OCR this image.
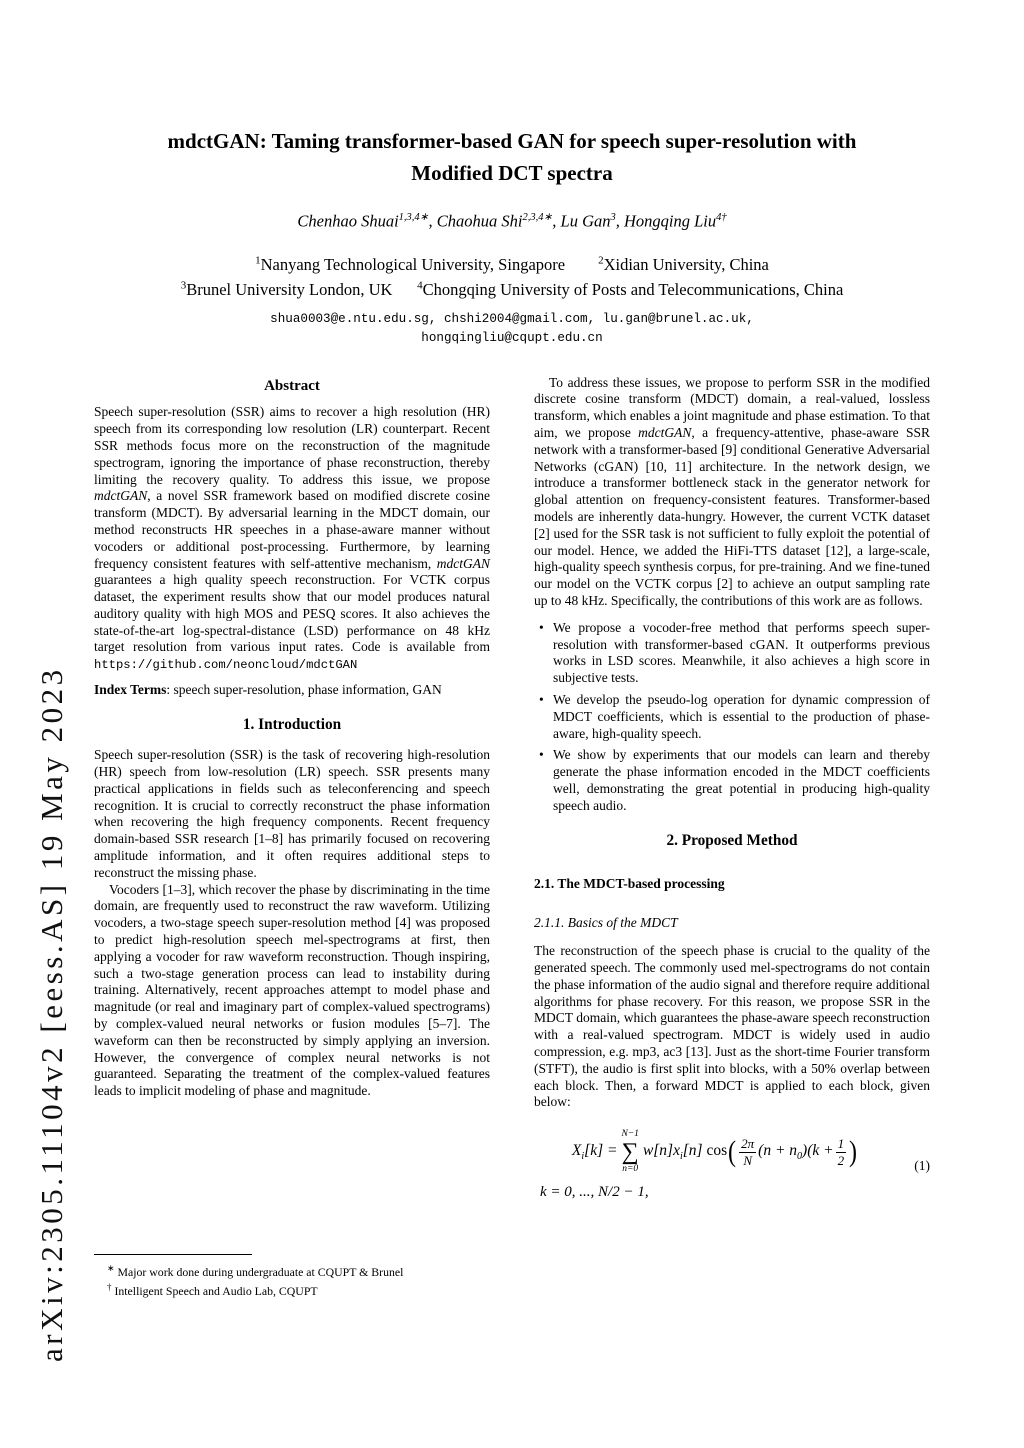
arXiv:2305.11104v2 [eess.AS] 19 May 2023
mdctGAN: Taming transformer-based GAN for speech super-resolution with
Modified DCT spectra
Chenhao Shuai$^{1,3,4∗}$, Chaohua Shi$^{2,3,4∗}$, Lu Gan$^3$, Hongqing Liu$^{4\dagger}$
$^1$Nanyang Technological University, Singapore  $^2$Xidian University, China
$^3$Brunel University London, UK  $^4$Chongqing University of Posts and Telecommunications, China
shua0003@e.ntu.edu.sg, chshi2004@gmail.com, lu.gan@brunel.ac.uk,
hongqingliu@cqupt.edu.cn
Abstract

Speech super-resolution (SSR) aims to recover a high resolution (HR) speech from its corresponding low resolution (LR) counterpart. Recent SSR methods focus more on the reconstruction of the magnitude spectrogram, ignoring the importance of phase reconstruction, thereby limiting the recovery quality. To address this issue, we propose mdctGAN, a novel SSR framework based on modified discrete cosine transform (MDCT). By adversarial learning in the MDCT domain, our method reconstructs HR speeches in a phase-aware manner without vocoders or additional post-processing. Furthermore, by learning frequency consistent features with self-attentive mechanism, mdctGAN guarantees a high quality speech reconstruction. For VCTK corpus dataset, the experiment results show that our model produces natural auditory quality with high MOS and PESQ scores. It also achieves the state-of-the-art log-spectral-distance (LSD) performance on 48 kHz target resolution from various input rates. Code is available from https://github.com/neoncloud/mdctGAN

Index Terms: speech super-resolution, phase information, GAN

1. Introduction

Speech super-resolution (SSR) is the task of recovering high-resolution (HR) speech from low-resolution (LR) speech. SSR presents many practical applications in fields such as teleconferencing and speech recognition. It is crucial to correctly reconstruct the phase information when recovering the high frequency components. Recent frequency domain-based SSR research [1–8] has primarily focused on recovering amplitude information, and it often requires additional steps to reconstruct the missing phase.

Vocoders [1–3], which recover the phase by discriminating in the time domain, are frequently used to reconstruct the raw waveform. Utilizing vocoders, a two-stage speech super-resolution method [4] was proposed to predict high-resolution speech mel-spectrograms at first, then applying a vocoder for raw waveform reconstruction. Though inspiring, such a two-stage generation process can lead to instability during training. Alternatively, recent approaches attempt to model phase and magnitude (or real and imaginary part of complex-valued spectrograms) by complex-valued neural networks or fusion modules [5–7]. The waveform can then be reconstructed by simply applying an inversion. However, the convergence of complex neural networks is not guaranteed. Separating the treatment of the complex-valued features leads to implicit modeling of phase and magnitude.

∗ Major work done during undergraduate at CQUPT & Brunel
† Intelligent Speech and Audio Lab, CQUPT

To address these issues, we propose to perform SSR in the modified discrete cosine transform (MDCT) domain, a real-valued, lossless transform, which enables a joint magnitude and phase estimation. To that aim, we propose mdctGAN, a frequency-attentive, phase-aware SSR network with a transformer-based [9] conditional Generative Adversarial Networks (cGAN) [10, 11] architecture. In the network design, we introduce a transformer bottleneck stack in the generator network for global attention on frequency-consistent features. Transformer-based models are inherently data-hungry. However, the current VCTK dataset [2] used for the SSR task is not sufficient to fully exploit the potential of our model. Hence, we added the HiFi-TTS dataset [12], a large-scale, high-quality speech synthesis corpus, for pre-training. And we fine-tuned our model on the VCTK corpus [2] to achieve an output sampling rate up to 48 kHz. Specifically, the contributions of this work are as follows.

• We propose a vocoder-free method that performs speech super-resolution with transformer-based cGAN. It outperforms previous works in LSD scores. Meanwhile, it also achieves a high score in subjective tests.
• We develop the pseudo-log operation for dynamic compression of MDCT coefficients, which is essential to the production of phase-aware, high-quality speech.
• We show by experiments that our models can learn and thereby generate the phase information encoded in the MDCT coefficients well, demonstrating the great potential in producing high-quality speech audio.
2. Proposed Method
2.1. The MDCT-based processing
2.1.1. Basics of the MDCT

The reconstruction of the speech phase is crucial to the quality of the generated speech. The commonly used mel-spectrograms do not contain the phase information of the audio signal and therefore require additional algorithms for phase recovery. For this reason, we propose SSR in the MDCT domain, which guarantees the phase-aware speech reconstruction with a real-valued spectrogram. MDCT is widely used in audio compression, e.g. mp3, ac3 [13]. Just as the short-time Fourier transform (STFT), the audio is first split into blocks, with a 50% overlap between each block. Then, a forward MDCT is applied to each block, given below:

$X_i[k]$ =
N−1
∑
n=0
$w[n]x_i[n]$ cos ( $\frac{2\pi}{N} (n + n_0)(k + \frac{1}{2}$ )	(1)
k = 0, ..., N/2 − 1,
